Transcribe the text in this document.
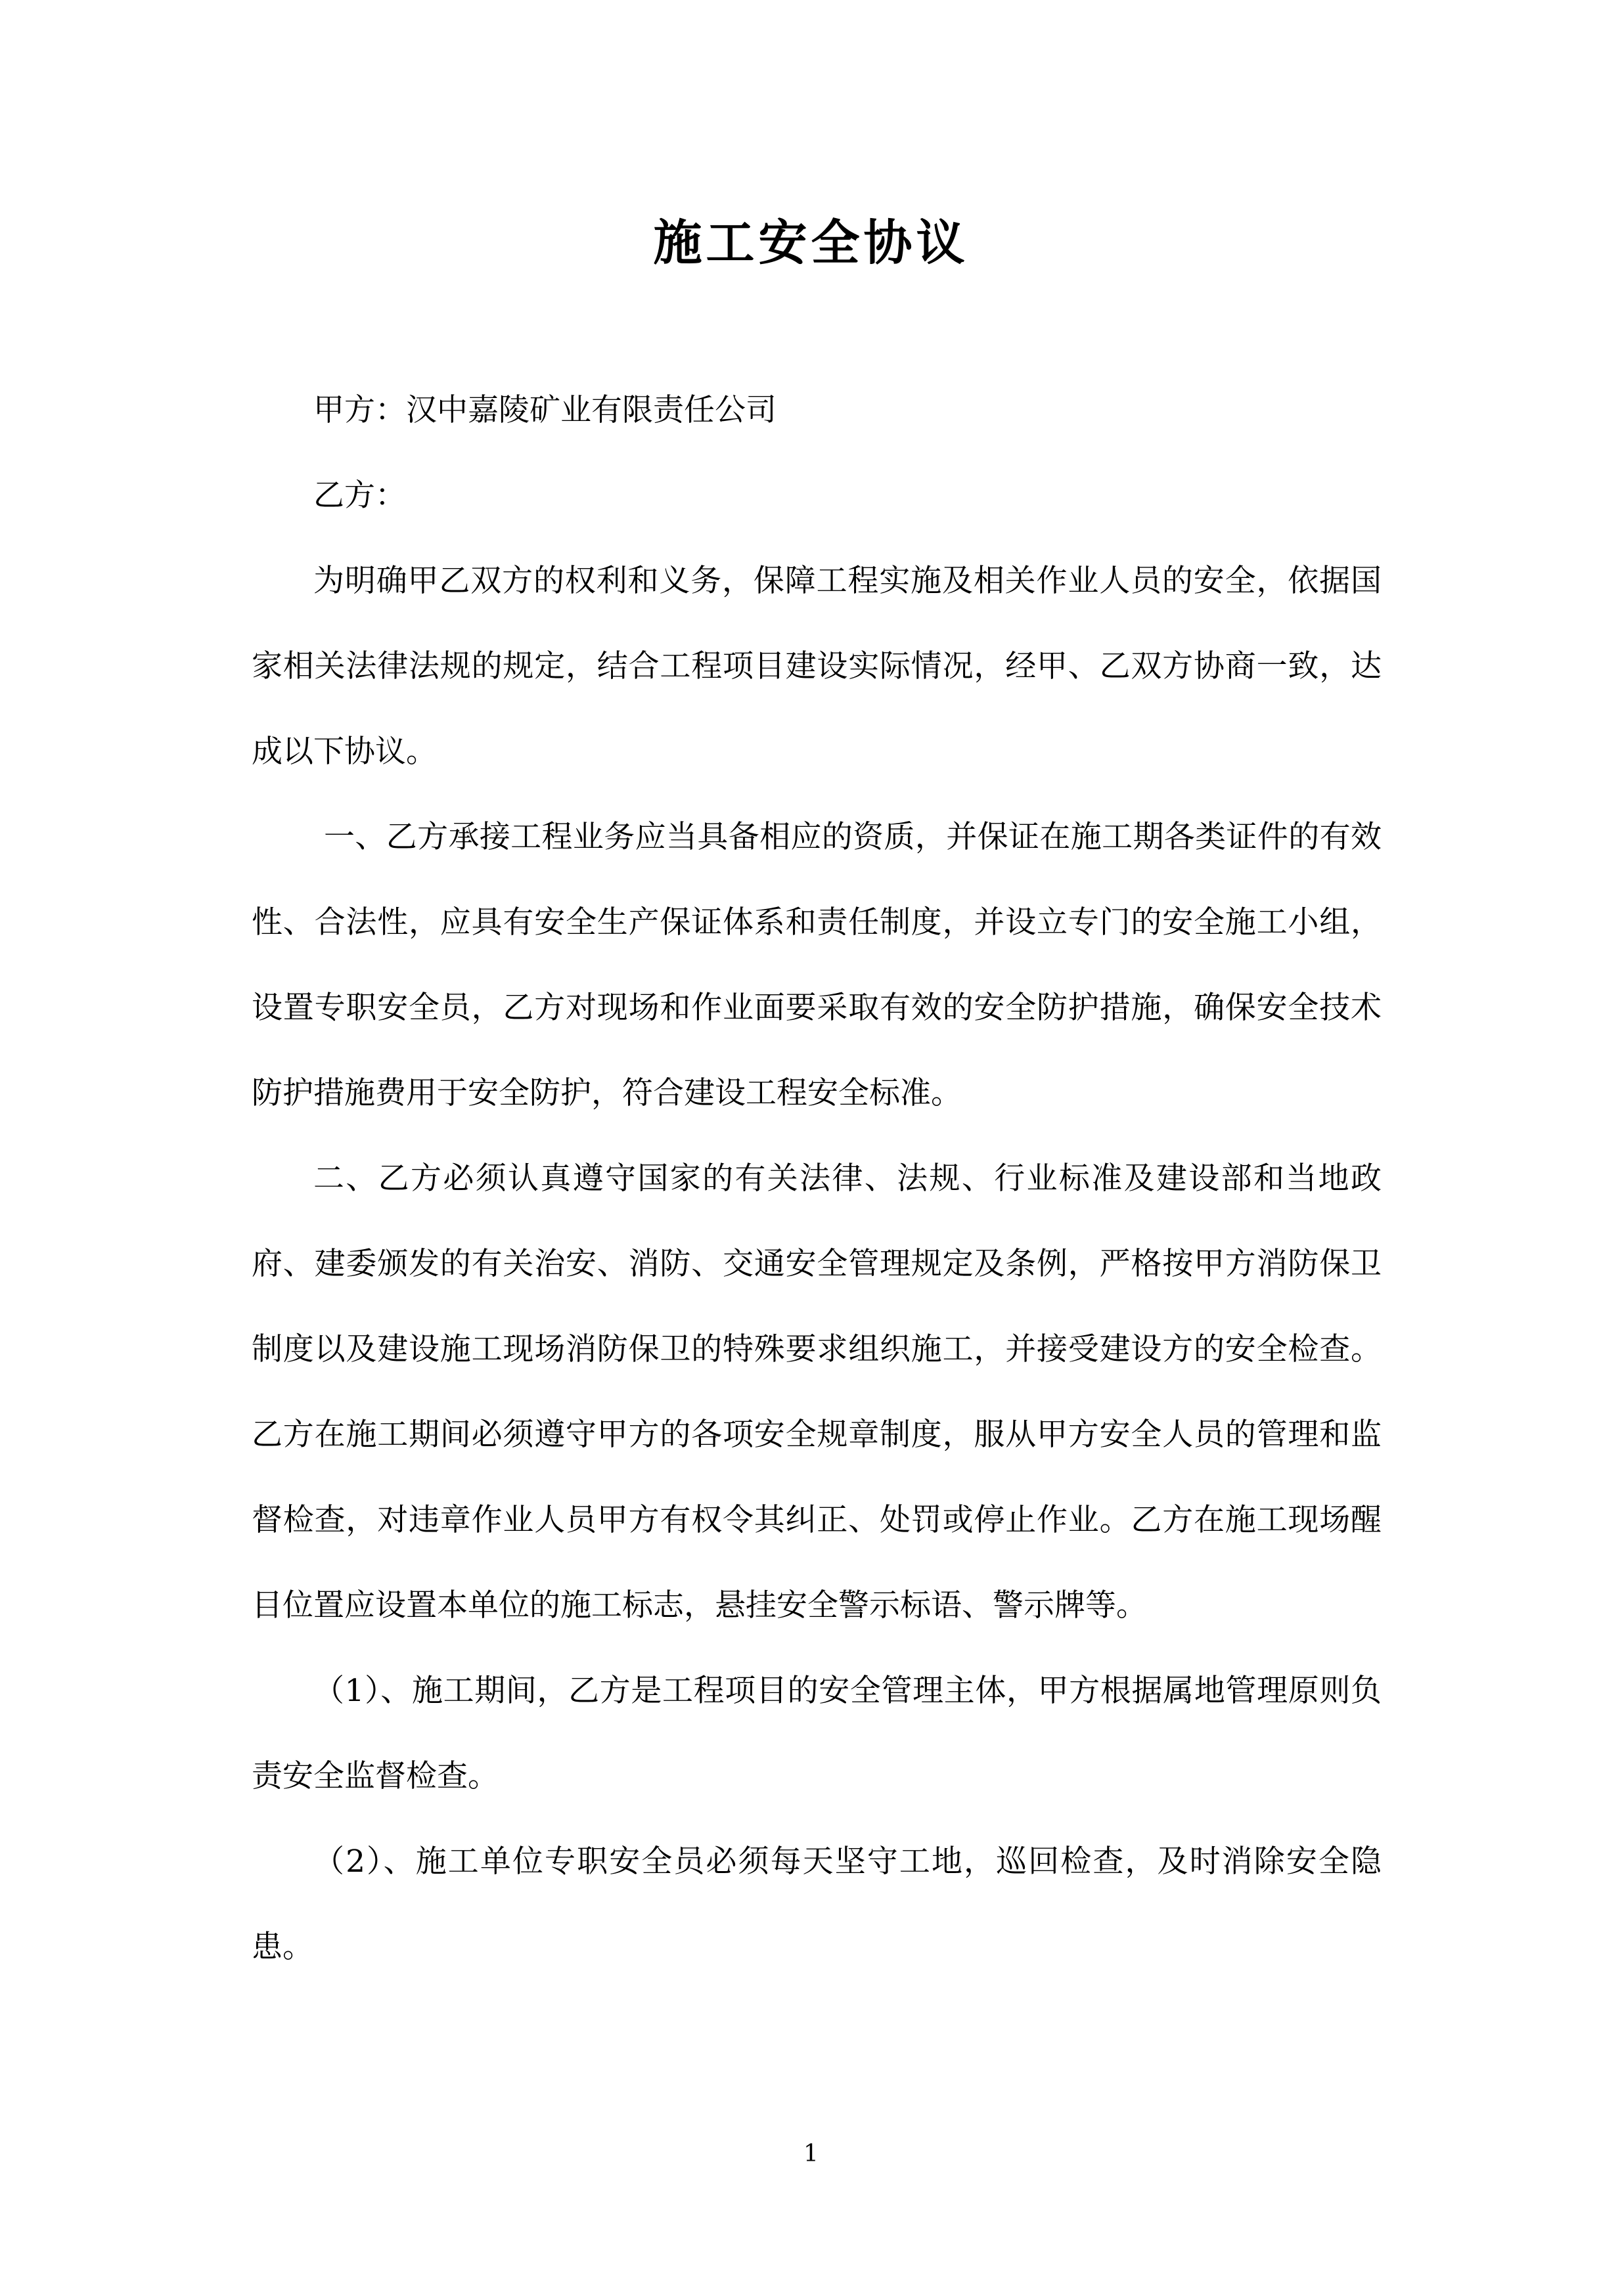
施工安全协议

甲方：汉中嘉陵矿业有限责任公司

乙方：

为明确甲乙双方的权利和义务，保障工程实施及相关作业人员的安全，依据国家相关法律法规的规定，结合工程项目建设实际情况，经甲、乙双方协商一致，达成以下协议。

一、乙方承接工程业务应当具备相应的资质，并保证在施工期各类证件的有效性、合法性，应具有安全生产保证体系和责任制度，并设立专门的安全施工小组，设置专职安全员，乙方对现场和作业面要采取有效的安全防护措施，确保安全技术防护措施费用于安全防护，符合建设工程安全标准。

二、乙方必须认真遵守国家的有关法律、法规、行业标准及建设部和当地政府、建委颁发的有关治安、消防、交通安全管理规定及条例，严格按甲方消防保卫制度以及建设施工现场消防保卫的特殊要求组织施工，并接受建设方的安全检查。乙方在施工期间必须遵守甲方的各项安全规章制度，服从甲方安全人员的管理和监督检查，对违章作业人员甲方有权令其纠正、处罚或停止作业。乙方在施工现场醒目位置应设置本单位的施工标志，悬挂安全警示标语、警示牌等。

（1）、施工期间，乙方是工程项目的安全管理主体，甲方根据属地管理原则负责安全监督检查。

（2）、施工单位专职安全员必须每天坚守工地，巡回检查，及时消除安全隐患。

1
